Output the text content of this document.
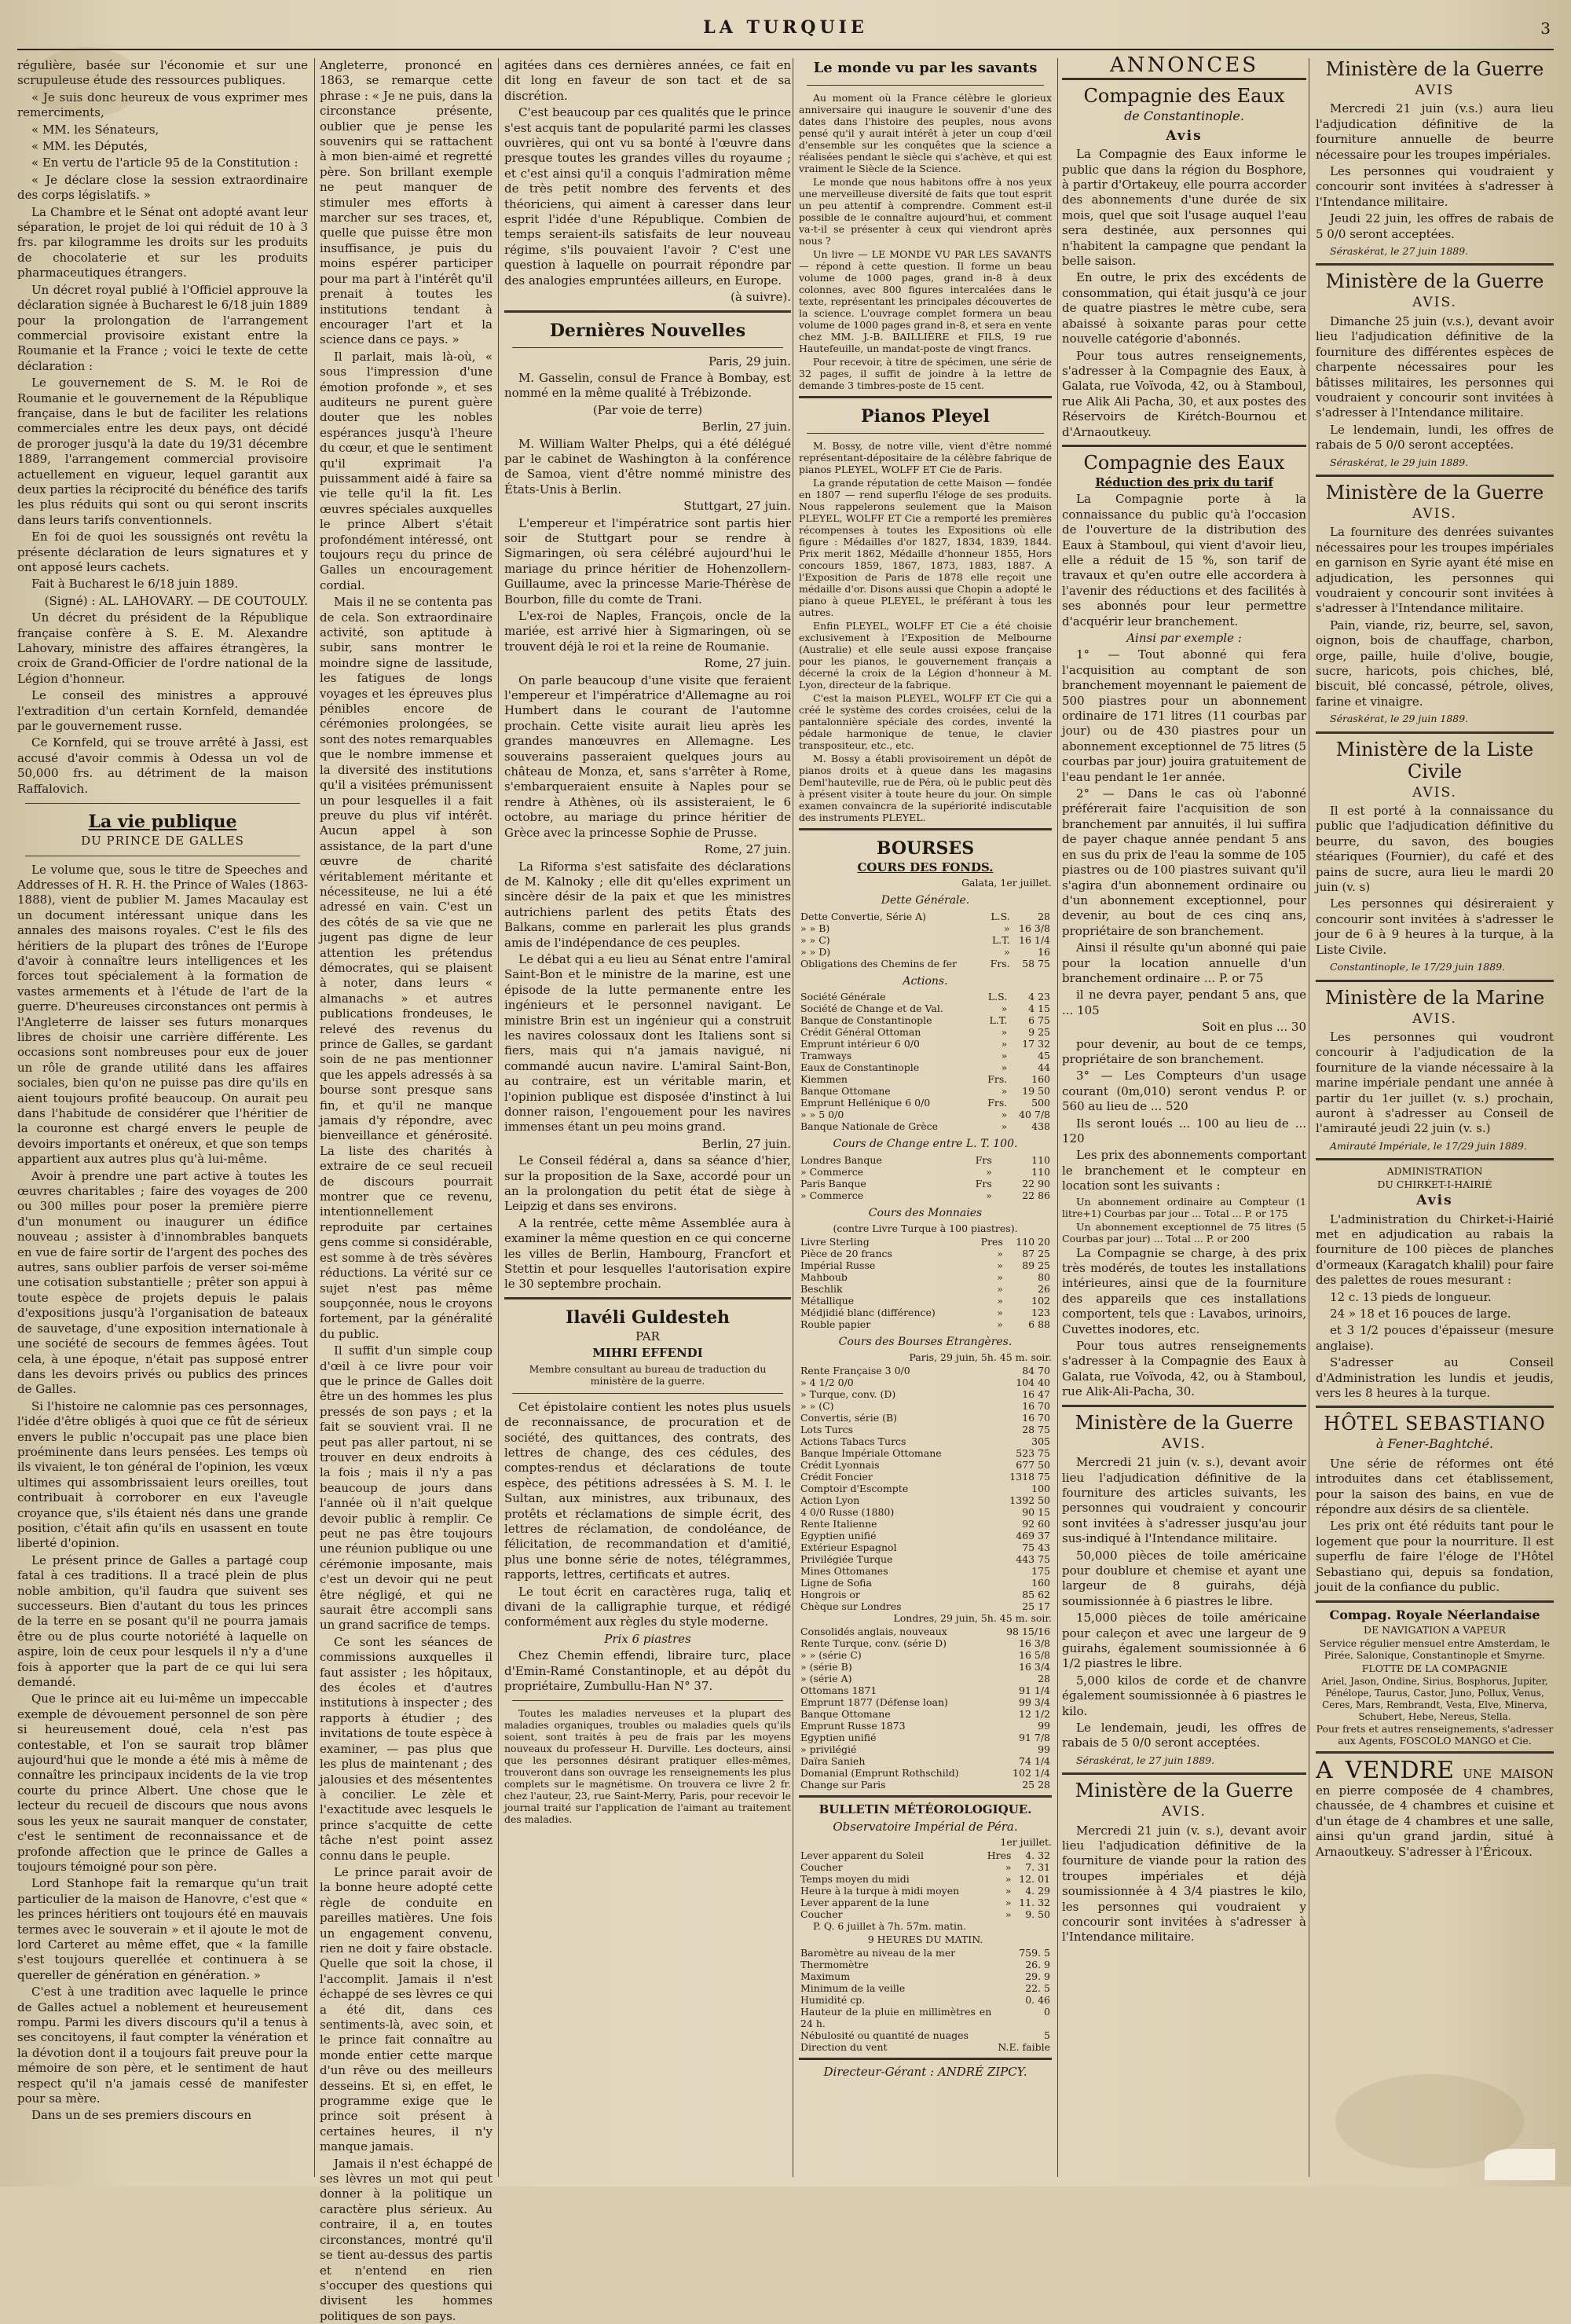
LA TURQUIE	3

régulière, basée sur l'économie et sur une scrupuleuse étude des ressources publiques.

« Je suis donc heureux de vous exprimer mes remerciments,

« MM. les Sénateurs,

« MM. les Députés,

« En vertu de l'article 95 de la Constitution :

« Je déclare close la session extraordinaire des corps législatifs. »

La Chambre et le Sénat ont adopté avant leur séparation, le projet de loi qui réduit de 10 à 3 frs. par kilogramme les droits sur les produits de chocolaterie et sur les produits pharmaceutiques étrangers.

Un décret royal publié à l'Officiel approuve la déclaration signée à Bucharest le 6/18 juin 1889 pour la prolongation de l'arrangement commercial provisoire existant entre la Roumanie et la France ; voici le texte de cette déclaration :

Le gouvernement de S. M. le Roi de Roumanie et le gouvernement de la République française, dans le but de faciliter les relations commerciales entre les deux pays, ont décidé de proroger jusqu'à la date du 19/31 décembre 1889, l'arrangement commercial provisoire actuellement en vigueur, lequel garantit aux deux parties la réciprocité du bénéfice des tarifs les plus réduits qui sont ou qui seront inscrits dans leurs tarifs conventionnels.

En foi de quoi les soussignés ont revêtu la présente déclaration de leurs signatures et y ont apposé leurs cachets.

Fait à Bucharest le 6/18 juin 1889.

(Signé) : AL. LAHOVARY. — DE COUTOULY.

Un décret du président de la République française confère à S. E. M. Alexandre Lahovary, ministre des affaires étrangères, la croix de Grand-Officier de l'ordre national de la Légion d'honneur.

Le conseil des ministres a approuvé l'extradition d'un certain Kornfeld, demandée par le gouvernement russe.

Ce Kornfeld, qui se trouve arrêté à Jassi, est accusé d'avoir commis à Odessa un vol de 50,000 frs. au détriment de la maison Raffalovich.

La vie publique
DU PRINCE DE GALLES

Le volume que, sous le titre de Speeches and Addresses of H. R. H. the Prince of Wales (1863-1888), vient de publier M. James Macaulay est un document intéressant unique dans les annales des maisons royales. C'est le fils des héritiers de la plupart des trônes de l'Europe d'avoir à connaître leurs intelligences et les forces tout spécialement à la formation de vastes armements et à l'étude de l'art de la guerre. D'heureuses circonstances ont permis à l'Angleterre de laisser ses futurs monarques libres de choisir une carrière différente. Les occasions sont nombreuses pour eux de jouer un rôle de grande utilité dans les affaires sociales, bien qu'on ne puisse pas dire qu'ils en aient toujours profité beaucoup. On aurait peu dans l'habitude de considérer que l'héritier de la couronne est chargé envers le peuple de devoirs importants et onéreux, et que son temps appartient aux autres plus qu'à lui-même.

Avoir à prendre une part active à toutes les œuvres charitables ; faire des voyages de 200 ou 300 milles pour poser la première pierre d'un monument ou inaugurer un édifice nouveau ; assister à d'innombrables banquets en vue de faire sortir de l'argent des poches des autres, sans oublier parfois de verser soi-même une cotisation substantielle ; prêter son appui à toute espèce de projets depuis le palais d'expositions jusqu'à l'organisation de bateaux de sauvetage, d'une exposition internationale à une société de secours de femmes âgées. Tout cela, à une époque, n'était pas supposé entrer dans les devoirs privés ou publics des princes de Galles.

Si l'histoire ne calomnie pas ces personnages, l'idée d'être obligés à quoi que ce fût de sérieux envers le public n'occupait pas une place bien proéminente dans leurs pensées. Les temps où ils vivaient, le ton général de l'opinion, les vœux ultimes qui assombrissaient leurs oreilles, tout contribuait à corroborer en eux l'aveugle croyance que, s'ils étaient nés dans une grande position, c'était afin qu'ils en usassent en toute liberté d'opinion.

Le présent prince de Galles a partagé coup fatal à ces traditions. Il a tracé plein de plus noble ambition, qu'il faudra que suivent ses successeurs. Bien d'autant du tous les princes de la terre en se posant qu'il ne pourra jamais être ou de plus courte notoriété à laquelle on aspire, loin de ceux pour lesquels il n'y a d'une fois à apporter que la part de ce qui lui sera demandé.

Que le prince ait eu lui-même un impeccable exemple de dévouement personnel de son père si heureusement doué, cela n'est pas contestable, et l'on se saurait trop blâmer aujourd'hui que le monde a été mis à même de connaître les principaux incidents de la vie trop courte du prince Albert. Une chose que le lecteur du recueil de discours que nous avons sous les yeux ne saurait manquer de constater, c'est le sentiment de reconnaissance et de profonde affection que le prince de Galles a toujours témoigné pour son père.

Lord Stanhope fait la remarque qu'un trait particulier de la maison de Hanovre, c'est que « les princes héritiers ont toujours été en mauvais termes avec le souverain » et il ajoute le mot de lord Carteret au même effet, que « la famille s'est toujours querellée et continuera à se quereller de génération en génération. »

C'est à une tradition avec laquelle le prince de Galles actuel a noblement et heureusement rompu. Parmi les divers discours qu'il a tenus à ses concitoyens, il faut compter la vénération et la dévotion dont il a toujours fait preuve pour la mémoire de son père, et le sentiment de haut respect qu'il n'a jamais cessé de manifester pour sa mère.

Dans un de ses premiers discours en

Angleterre, prononcé en 1863, se remarque cette phrase : « Je ne puis, dans la circonstance présente, oublier que je pense les souvenirs qui se rattachent à mon bien-aimé et regretté père. Son brillant exemple ne peut manquer de stimuler mes efforts à marcher sur ses traces, et, quelle que puisse être mon insuffisance, je puis du moins espérer participer pour ma part à l'intérêt qu'il prenait à toutes les institutions tendant à encourager l'art et la science dans ce pays. »

Il parlait, mais là-où, « sous l'impression d'une émotion profonde », et ses auditeurs ne purent guère douter que les nobles espérances jusqu'à l'heure du cœur, et que le sentiment qu'il exprimait l'a puissamment aidé à faire sa vie telle qu'il la fit. Les œuvres spéciales auxquelles le prince Albert s'était profondément intéressé, ont toujours reçu du prince de Galles un encouragement cordial.

Mais il ne se contenta pas de cela. Son extraordinaire activité, son aptitude à subir, sans montrer le moindre signe de lassitude, les fatigues de longs voyages et les épreuves plus pénibles encore de cérémonies prolongées, se sont des notes remarquables que le nombre immense et la diversité des institutions qu'il a visitées prémunissent un pour lesquelles il a fait preuve du plus vif intérêt. Aucun appel à son assistance, de la part d'une œuvre de charité véritablement méritante et nécessiteuse, ne lui a été adressé en vain. C'est un des côtés de sa vie que ne jugent pas digne de leur attention les prétendus démocrates, qui se plaisent à noter, dans leurs « almanachs » et autres publications frondeuses, le relevé des revenus du prince de Galles, se gardant soin de ne pas mentionner que les appels adressés à sa bourse sont presque sans fin, et qu'il ne manque jamais d'y répondre, avec bienveillance et générosité. La liste des charités à extraire de ce seul recueil de discours pourrait montrer que ce revenu, intentionnellement reproduite par certaines gens comme si considérable, est somme à de très sévères réductions. La vérité sur ce sujet n'est pas même soupçonnée, nous le croyons fortement, par la généralité du public.

Il suffit d'un simple coup d'œil à ce livre pour voir que le prince de Galles doit être un des hommes les plus pressés de son pays ; et la fait se souvient vrai. Il ne peut pas aller partout, ni se trouver en deux endroits à la fois ; mais il n'y a pas beaucoup de jours dans l'année où il n'ait quelque devoir public à remplir. Ce peut ne pas être toujours une réunion publique ou une cérémonie imposante, mais c'est un devoir qui ne peut être négligé, et qui ne saurait être accompli sans un grand sacrifice de temps.

Ce sont les séances de commissions auxquelles il faut assister ; les hôpitaux, des écoles et d'autres institutions à inspecter ; des rapports à étudier ; des invitations de toute espèce à examiner, — pas plus que les plus de maintenant ; des jalousies et des mésententes à concilier. Le zèle et l'exactitude avec lesquels le prince s'acquitte de cette tâche n'est point assez connu dans le peuple.

Le prince parait avoir de la bonne heure adopté cette règle de conduite en pareilles matières. Une fois un engagement convenu, rien ne doit y faire obstacle. Quelle que soit la chose, il l'accomplit. Jamais il n'est échappé de ses lèvres ce qui a été dit, dans ces sentiments-là, avec soin, et le prince fait connaître au monde entier cette marque d'un rêve ou des meilleurs desseins. Et si, en effet, le programme exige que le prince soit présent à certaines heures, il n'y manque jamais.

Jamais il n'est échappé de ses lèvres un mot qui peut donner à la politique un caractère plus sérieux. Au contraire, il a, en toutes circonstances, montré qu'il se tient au-dessus des partis et n'entend en rien s'occuper des questions qui divisent les hommes politiques de son pays.

agitées dans ces dernières années, ce fait en dit long en faveur de son tact et de sa discrétion.

C'est beaucoup par ces qualités que le prince s'est acquis tant de popularité parmi les classes ouvrières, qui ont vu sa bonté à l'œuvre dans presque toutes les grandes villes du royaume ; et c'est ainsi qu'il a conquis l'admiration même de très petit nombre des fervents et des théoriciens, qui aiment à caresser dans leur esprit l'idée d'une République. Combien de temps seraient-ils satisfaits de leur nouveau régime, s'ils pouvaient l'avoir ? C'est une question à laquelle on pourrait répondre par des analogies empruntées ailleurs, en Europe.

(à suivre).

Dernières Nouvelles

Paris, 29 juin.

M. Gasselin, consul de France à Bombay, est nommé en la même qualité à Trébizonde.

(Par voie de terre)

Berlin, 27 juin.

M. William Walter Phelps, qui a été délégué par le cabinet de Washington à la conférence de Samoa, vient d'être nommé ministre des États-Unis à Berlin.

Stuttgart, 27 juin.

L'empereur et l'impératrice sont partis hier soir de Stuttgart pour se rendre à Sigmaringen, où sera célébré aujourd'hui le mariage du prince héritier de Hohenzollern-Guillaume, avec la princesse Marie-Thérèse de Bourbon, fille du comte de Trani.

L'ex-roi de Naples, François, oncle de la mariée, est arrivé hier à Sigmaringen, où se trouvent déjà le roi et la reine de Roumanie.

Rome, 27 juin.

On parle beaucoup d'une visite que feraient l'empereur et l'impératrice d'Allemagne au roi Humbert dans le courant de l'automne prochain. Cette visite aurait lieu après les grandes manœuvres en Allemagne. Les souverains passeraient quelques jours au château de Monza, et, sans s'arrêter à Rome, s'embarqueraient ensuite à Naples pour se rendre à Athènes, où ils assisteraient, le 6 octobre, au mariage du prince héritier de Grèce avec la princesse Sophie de Prusse.

Rome, 27 juin.

La Riforma s'est satisfaite des déclarations de M. Kalnoky ; elle dit qu'elles expriment un sincère désir de la paix et que les ministres autrichiens parlent des petits États des Balkans, comme en parlerait les plus grands amis de l'indépendance de ces peuples.

Le débat qui a eu lieu au Sénat entre l'amiral Saint-Bon et le ministre de la marine, est une épisode de la lutte permanente entre les ingénieurs et le personnel navigant. Le ministre Brin est un ingénieur qui a construit les navires colossaux dont les Italiens sont si fiers, mais qui n'a jamais navigué, ni commandé aucun navire. L'amiral Saint-Bon, au contraire, est un véritable marin, et l'opinion publique est disposée d'instinct à lui donner raison, l'engouement pour les navires immenses étant un peu moins grand.

Berlin, 27 juin.

Le Conseil fédéral a, dans sa séance d'hier, sur la proposition de la Saxe, accordé pour un an la prolongation du petit état de siège à Leipzig et dans ses environs.

A la rentrée, cette même Assemblée aura à examiner la même question en ce qui concerne les villes de Berlin, Hambourg, Francfort et Stettin et pour lesquelles l'autorisation expire le 30 septembre prochain.

Ilavéli Guldesteh

PAR

MIHRI EFFENDI

Membre consultant au bureau de traduction du ministère de la guerre.

Cet épistolaire contient les notes plus usuels de reconnaissance, de procuration et de société, des quittances, des contrats, des lettres de change, des ces cédules, des comptes-rendus et déclarations de toute espèce, des pétitions adressées à S. M. I. le Sultan, aux ministres, aux tribunaux, des protêts et réclamations de simple écrit, des lettres de réclamation, de condoléance, de félicitation, de recommandation et d'amitié, plus une bonne série de notes, télégrammes, rapports, lettres, certificats et autres.

Le tout écrit en caractères ruga, taliq et divani de la calligraphie turque, et rédigé conformément aux règles du style moderne.

Prix 6 piastres

Chez Chemin effendi, libraire turc, place d'Emin-Ramé Constantinople, et au dépôt du propriétaire, Zumbullu-Han N° 37.

Toutes les maladies nerveuses et la plupart des maladies organiques, troubles ou maladies quels qu'ils soient, sont traités à peu de frais par les moyens nouveaux du professeur H. Durville. Les docteurs, ainsi que les personnes désirant pratiquer elles-mêmes, trouveront dans son ouvrage les renseignements les plus complets sur le magnétisme. On trouvera ce livre 2 fr. chez l'auteur, 23, rue Saint-Merry, Paris, pour recevoir le journal traité sur l'application de l'aimant au traitement des maladies.

Le monde vu par les savants

Au moment où la France célèbre le glorieux anniversaire qui inaugure le souvenir d'une des dates dans l'histoire des peuples, nous avons pensé qu'il y aurait intérêt à jeter un coup d'œil d'ensemble sur les conquêtes que la science a réalisées pendant le siècle qui s'achève, et qui est vraiment le Siècle de la Science.

Le monde que nous habitons offre à nos yeux une merveilleuse diversité de faits que tout esprit un peu attentif à comprendre. Comment est-il possible de le connaître aujourd'hui, et comment va-t-il se présenter à ceux qui viendront après nous ?

Un livre — LE MONDE VU PAR LES SAVANTS — répond à cette question. Il forme un beau volume de 1000 pages, grand in-8 à deux colonnes, avec 800 figures intercalées dans le texte, représentant les principales découvertes de la science. L'ouvrage complet formera un beau volume de 1000 pages grand in-8, et sera en vente chez MM. J.-B. BAILLIÈRE et FILS, 19 rue Hautefeuille, un mandat-poste de vingt francs.

Pour recevoir, à titre de spécimen, une série de 32 pages, il suffit de joindre à la lettre de demande 3 timbres-poste de 15 cent.

Pianos Pleyel

M. Bossy, de notre ville, vient d'être nommé représentant-dépositaire de la célèbre fabrique de pianos PLEYEL, WOLFF ET Cie de Paris.

La grande réputation de cette Maison — fondée en 1807 — rend superflu l'éloge de ses produits. Nous rappelerons seulement que la Maison PLEYEL, WOLFF ET Cie a remporté les premières récompenses à toutes les Expositions où elle figure : Médailles d'or 1827, 1834, 1839, 1844. Prix merit 1862, Médaille d'honneur 1855, Hors concours 1859, 1867, 1873, 1883, 1887. A l'Exposition de Paris de 1878 elle reçoit une médaille d'or. Disons aussi que Chopin a adopté le piano à queue PLEYEL, le préférant à tous les autres.

Enfin PLEYEL, WOLFF ET Cie a été choisie exclusivement à l'Exposition de Melbourne (Australie) et elle seule aussi expose française pour les pianos, le gouvernement français a décerné la croix de la Légion d'honneur à M. Lyon, directeur de la fabrique.

C'est la maison PLEYEL, WOLFF ET Cie qui a créé le système des cordes croisées, celui de la pantalonnière spéciale des cordes, inventé la pédale harmonique de tenue, le clavier transpositeur, etc., etc.

M. Bossy a établi provisoirement un dépôt de pianos droits et à queue dans les magasins Deml'hauteville, rue de Péra, où le public peut dès à présent visiter à toute heure du jour. On simple examen convaincra de la supériorité indiscutable des instruments PLEYEL.

BOURSES

COURS DES FONDS.

Galata, 1er juillet.

Dette Générale.
Dette Convertie, Série A)	L.S.	28
» » B)	»	16 3/8
» » C)	L.T.	16 1/4
» » D)	»	16
Obligations des Chemins de fer	Frs.	58 75
Actions.
Société Générale	L.S.	4 23
Société de Change et de Val.	»	4 15
Banque de Constantinople	L.T.	6 75
Crédit Général Ottoman	»	9 25
Emprunt intérieur 6 0/0	»	17 32
Tramways	»	45
Eaux de Constantinople	»	44
Kiemmen	Frs.	160
Banque Ottomane	»	19 50
Emprunt Hellénique 6 0/0	Frs.	500
» » 5 0/0	»	40 7/8
Banque Nationale de Grèce	»	438
Cours de Change entre L. T. 100.
Londres Banque	Frs	110
» Commerce	»	110
Paris Banque	Frs	22 90
» Commerce	»	22 86
Cours des Monnaies

(contre Livre Turque à 100 piastres).

Livre Sterling	Pres	110 20
Pièce de 20 francs	»	87 25
Impérial Russe	»	89 25
Mahboub	»	80
Beschlik	»	26
Métallique	»	102
Médjidié blanc (différence)	»	123
Rouble papier	»	6 88
Cours des Bourses Etrangères.

Paris, 29 juin, 5h. 45 m. soir.

Rente Française 3 0/0		84 70
» 4 1/2 0/0		104 40
» Turque, conv. (D)		16 47
» » (C)		16 70
Convertis, série (B)		16 70
Lots Turcs		28 75
Actions Tabacs Turcs		305
Banque Impériale Ottomane		523 75
Crédit Lyonnais		677 50
Crédit Foncier		1318 75
Comptoir d'Escompte		100
Action Lyon		1392 50
4 0/0 Russe (1880)		90 15
Rente Italienne		92 60
Egyptien unifié		469 37
Extérieur Espagnol		75 43
Privilégiée Turque		443 75
Mines Ottomanes		175
Ligne de Sofia		160
Hongrois or		85 62
Chèque sur Londres		25 17

Londres, 29 juin, 5h. 45 m. soir.

Consolidés anglais, nouveaux		98 15/16
Rente Turque, conv. (série D)		16 3/8
» » (série C)		16 5/8
» (série B)		16 3/4
» (série A)		28
Ottomans 1871		91 1/4
Emprunt 1877 (Défense loan)		99 3/4
Banque Ottomane		12 1/2
Emprunt Russe 1873		99
Egyptien unifié		91 7/8
» privilégié		99
Daïra Sanieh		74 1/4
Domanial (Emprunt Rothschild)		102 1/4
Change sur Paris		25 28

BULLETIN MÉTÉOROLOGIQUE.

Observatoire Impérial de Péra.

1er juillet.

Lever apparent du Soleil	Hres	4. 32
Coucher	»	7. 31
Temps moyen du midi	»	12. 01
Heure à la turque à midi moyen	»	4. 29
Lever apparent de la lune	»	11. 32
Coucher	»	9. 50

P. Q. 6 juillet à 7h. 57m. matin.

9 HEURES DU MATIN.

Baromètre au niveau de la mer		759. 5
Thermomètre		26. 9
Maximum		29. 9
Minimum de la veille		22. 5
Humidité cp.		0. 46
Hauteur de la pluie en millimètres en 24 h.		0
Nébulosité ou quantité de nuages		5
Direction du vent		N.E. faible

Directeur-Gérant : ANDRÉ ZIPCY.

ANNONCES
Compagnie des Eaux
de Constantinople.
Avis

La Compagnie des Eaux informe le public que dans la région du Bosphore, à partir d'Ortakeuy, elle pourra accorder des abonnements d'une durée de six mois, quel que soit l'usage auquel l'eau sera destinée, aux personnes qui n'habitent la campagne que pendant la belle saison.

En outre, le prix des excédents de consommation, qui était jusqu'à ce jour de quatre piastres le mètre cube, sera abaissé à soixante paras pour cette nouvelle catégorie d'abonnés.

Pour tous autres renseignements, s'adresser à la Compagnie des Eaux, à Galata, rue Voïvoda, 42, ou à Stamboul, rue Alik Ali Pacha, 30, et aux postes des Réservoirs de Kirétch-Bournou et d'Arnaoutkeuy.

Compagnie des Eaux

Réduction des prix du tarif

La Compagnie porte à la connaissance du public qu'à l'occasion de l'ouverture de la distribution des Eaux à Stamboul, qui vient d'avoir lieu, elle a réduit de 15 %, son tarif de travaux et qu'en outre elle accordera à l'avenir des réductions et des facilités à ses abonnés pour leur permettre d'acquérir leur branchement.

Ainsi par exemple :

1° — Tout abonné qui fera l'acquisition au comptant de son branchement moyennant le paiement de 500 piastres pour un abonnement ordinaire de 171 litres (11 courbas par jour) ou de 430 piastres pour un abonnement exceptionnel de 75 litres (5 courbas par jour) jouira gratuitement de l'eau pendant le 1er année.

2° — Dans le cas où l'abonné préférerait faire l'acquisition de son branchement par annuités, il lui suffira de payer chaque année pendant 5 ans en sus du prix de l'eau la somme de 105 piastres ou de 100 piastres suivant qu'il s'agira d'un abonnement ordinaire ou d'un abonnement exceptionnel, pour devenir, au bout de ces cinq ans, propriétaire de son branchement.

Ainsi il résulte qu'un abonné qui paie pour la location annuelle d'un branchement ordinaire ... P. or 75

il ne devra payer, pendant 5 ans, que ... 105

Soit en plus ... 30

pour devenir, au bout de ce temps, propriétaire de son branchement.

3° — Les Compteurs d'un usage courant (0m,010) seront vendus P. or 560 au lieu de ... 520

Ils seront loués ... 100 au lieu de ... 120

Les prix des abonnements comportant le branchement et le compteur en location sont les suivants :

Un abonnement ordinaire au Compteur (1 litre+1) Courbas par jour ... Total ... P. or 175

Un abonnement exceptionnel de 75 litres (5 Courbas par jour) ... Total ... P. or 200

La Compagnie se charge, à des prix très modérés, de toutes les installations intérieures, ainsi que de la fourniture des appareils que ces installations comportent, tels que : Lavabos, urinoirs, Cuvettes inodores, etc.

Pour tous autres renseignements s'adresser à la Compagnie des Eaux à Galata, rue Voïvoda, 42, ou à Stamboul, rue Alik-Ali-Pacha, 30.

Ministère de la Guerre
AVIS.

Mercredi 21 juin (v. s.), devant avoir lieu l'adjudication définitive de la fourniture des articles suivants, les personnes qui voudraient y concourir sont invitées à s'adresser jusqu'au jour sus-indiqué à l'Intendance militaire.

50,000 pièces de toile américaine pour doublure et chemise et ayant une largeur de 8 guirahs, déjà soumissionnée à 6 piastres le libre.

15,000 pièces de toile américaine pour caleçon et avec une largeur de 9 guirahs, également soumissionnée à 6 1/2 piastres le libre.

5,000 kilos de corde et de chanvre également soumissionnée à 6 piastres le kilo.

Le lendemain, jeudi, les offres de rabais de 5 0/0 seront acceptées.

Séraskérat, le 27 juin 1889.

Ministère de la Guerre
AVIS.

Mercredi 21 juin (v. s.), devant avoir lieu l'adjudication définitive de la fourniture de viande pour la ration des troupes impériales et déjà soumissionnée à 4 3/4 piastres le kilo, les personnes qui voudraient y concourir sont invitées à s'adresser à l'Intendance militaire.

Ministère de la Guerre
AVIS

Mercredi 21 juin (v.s.) aura lieu l'adjudication définitive de la fourniture annuelle de beurre nécessaire pour les troupes impériales.

Les personnes qui voudraient y concourir sont invitées à s'adresser à l'Intendance militaire.

Jeudi 22 juin, les offres de rabais de 5 0/0 seront acceptées.

Séraskérat, le 27 juin 1889.

Ministère de la Guerre
AVIS.

Dimanche 25 juin (v.s.), devant avoir lieu l'adjudication définitive de la fourniture des différentes espèces de charpente nécessaires pour les bâtisses militaires, les personnes qui voudraient y concourir sont invitées à s'adresser à l'Intendance militaire.

Le lendemain, lundi, les offres de rabais de 5 0/0 seront acceptées.

Séraskérat, le 29 juin 1889.

Ministère de la Guerre
AVIS.

La fourniture des denrées suivantes nécessaires pour les troupes impériales en garnison en Syrie ayant été mise en adjudication, les personnes qui voudraient y concourir sont invitées à s'adresser à l'Intendance militaire.

Pain, viande, riz, beurre, sel, savon, oignon, bois de chauffage, charbon, orge, paille, huile d'olive, bougie, sucre, haricots, pois chiches, blé, biscuit, blé concassé, pétrole, olives, farine et vinaigre.

Séraskérat, le 29 juin 1889.

Ministère de la Liste Civile
AVIS.

Il est porté à la connaissance du public que l'adjudication définitive du beurre, du savon, des bougies stéariques (Fournier), du café et des pains de sucre, aura lieu le mardi 20 juin (v. s)

Les personnes qui désireraient y concourir sont invitées à s'adresser le jour de 6 à 9 heures à la turque, à la Liste Civile.

Constantinople, le 17/29 juin 1889.

Ministère de la Marine
AVIS.

Les personnes qui voudront concourir à l'adjudication de la fourniture de la viande nécessaire à la marine impériale pendant une année à partir du 1er juillet (v. s.) prochain, auront à s'adresser au Conseil de l'amirauté jeudi 22 juin (v. s.)

Amirauté Impériale, le 17/29 juin 1889.

ADMINISTRATION

DU CHIRKET-I-HAIRIÉ

Avis

L'administration du Chirket-i-Hairié met en adjudication au rabais la fourniture de 100 pièces de planches d'ormeaux (Karagatch khalil) pour faire des palettes de roues mesurant :

12 c. 13 pieds de longueur.

24 » 18 et 16 pouces de large.

et 3 1/2 pouces d'épaisseur (mesure anglaise).

S'adresser au Conseil d'Administration les lundis et jeudis, vers les 8 heures à la turque.

HÔTEL SEBASTIANO
à Fener-Baghtché.

Une série de réformes ont été introduites dans cet établissement, pour la saison des bains, en vue de répondre aux désirs de sa clientèle.

Les prix ont été réduits tant pour le logement que pour la nourriture. Il est superflu de faire l'éloge de l'Hôtel Sebastiano qui, depuis sa fondation, jouit de la confiance du public.

Compag. Royale Néerlandaise

DE NAVIGATION A VAPEUR

Service régulier mensuel entre Amsterdam, le Pirée, Salonique, Constantinople et Smyrne.

FLOTTE DE LA COMPAGNIE

Ariel, Jason, Ondine, Sirius, Bosphorus, Jupiter, Pénélope, Taurus, Castor, Juno, Pollux, Venus, Ceres, Mars, Rembrandt, Vesta, Elve, Minerva, Schubert, Hebe, Nereus, Stella.

Pour frets et autres renseignements, s'adresser aux Agents, FOSCOLO MANGO et Cie.

A VENDRE UNE MAISON en pierre composée de 4 chambres, chaussée, de 4 chambres et cuisine et d'un étage de 4 chambres et une salle, ainsi qu'un grand jardin, situé à Arnaoutkeuy. S'adresser à l'Éricoux.
